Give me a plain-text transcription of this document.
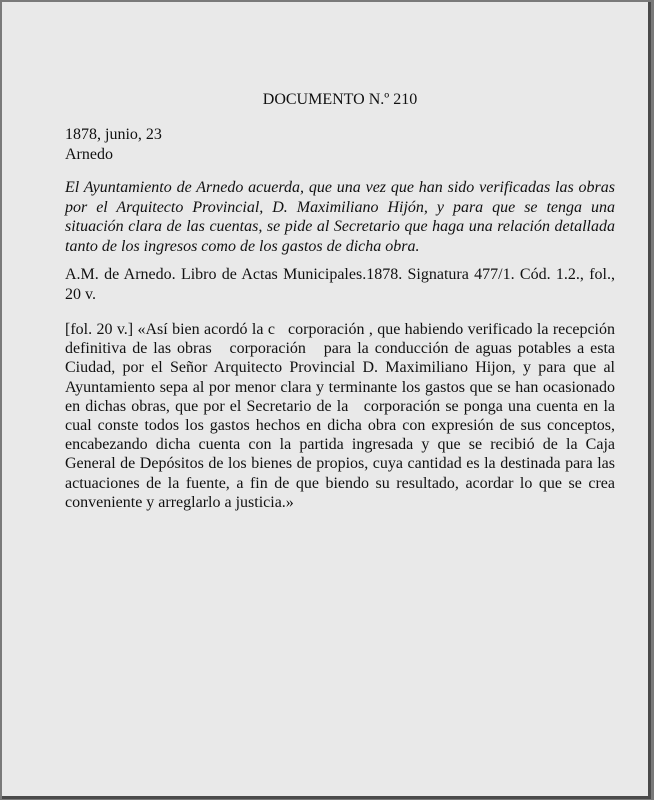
DOCUMENTO N.º 210
1878, junio, 23
Arnedo
El Ayuntamiento de Arnedo acuerda, que una vez que han sido verificadas las obras por el Arquitecto Provincial, D. Maximiliano Hijón, y para que se tenga una situación clara de las cuentas, se pide al Secretario que haga una relación detallada tanto de los ingresos como de los gastos de dicha obra.
A.M. de Arnedo. Libro de Actas Municipales.1878. Signatura 477/1. Cód. 1.2., fol., 20 v.
[fol. 20 v.] «Así bien acordó la c   corporación , que habiendo verificado la recepción definitiva de las obras   corporación   para la conducción de aguas potables a esta Ciudad, por el Señor Arquitecto Provincial D. Maximiliano Hijon, y para que al Ayuntamiento sepa al por menor clara y terminante los gastos que se han ocasionado en dichas obras, que por el Secretario de la   corporación se ponga una cuenta en la cual conste todos los gastos hechos en dicha obra con expresión de sus conceptos, encabezando dicha cuenta con la partida ingresada y que se recibió de la Caja General de Depósitos de los bienes de propios, cuya cantidad es la destinada para las actuaciones de la fuente, a fin de que biendo su resultado, acordar lo que se crea conveniente y arreglarlo a justicia.»
